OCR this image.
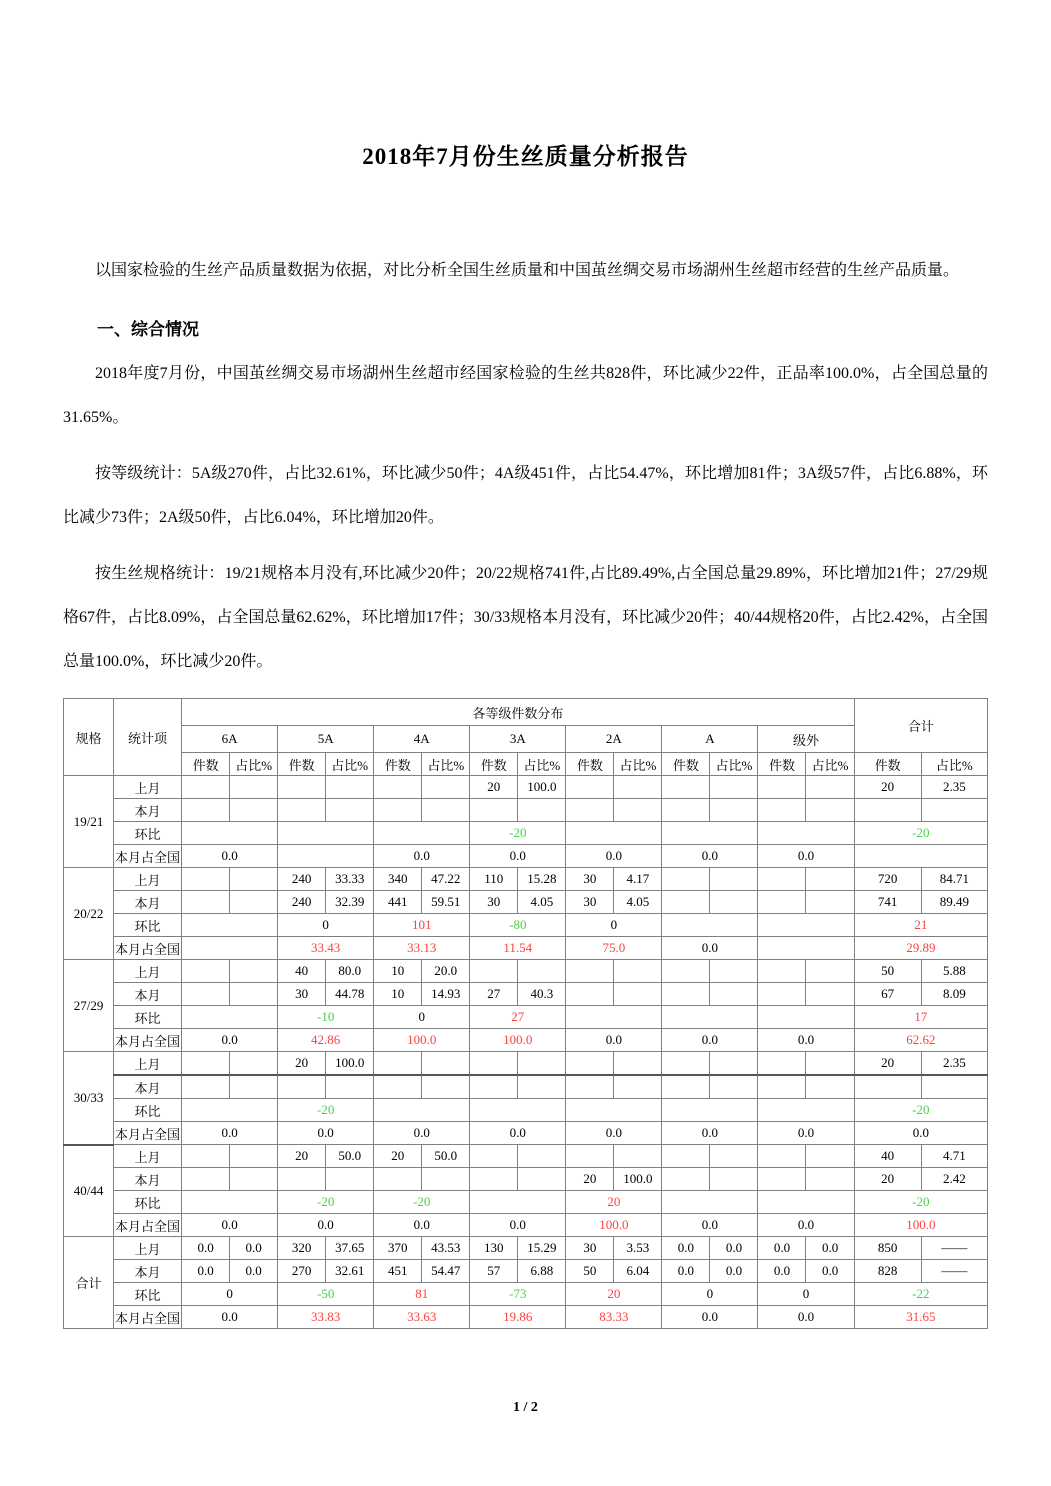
2018年7月份生丝质量分析报告

以国家检验的生丝产品质量数据为依据，对比分析全国生丝质量和中国茧丝绸交易市场湖州生丝超市经营的生丝产品质量。

一、综合情况

2018年度7月份，中国茧丝绸交易市场湖州生丝超市经国家检验的生丝共828件，环比减少22件，正品率100.0%，占全国总量的31.65%。

按等级统计：5A级270件，占比32.61%，环比减少50件；4A级451件，占比54.47%，环比增加81件；3A级57件，占比6.88%，环比减少73件；2A级50件，占比6.04%，环比增加20件。

按生丝规格统计：19/21规格本月没有,环比减少20件；20/22规格741件,占比89.49%,占全国总量29.89%，环比增加21件；27/29规格67件，占比8.09%，占全国总量62.62%，环比增加17件；30/33规格本月没有，环比减少20件；40/44规格20件，占比2.42%，占全国总量100.0%，环比减少20件。

规格	统计项	各等级件数分布														合计	
		6A		5A		4A		3A		2A		A		级外			
		件数	占比%	件数	占比%	件数	占比%	件数	占比%	件数	占比%	件数	占比%	件数	占比%	件数	占比%
19/21	上月							20	100.0							20	2.35
	本月																
	环比							-20								-20	
	本月占全国	0.0				0.0		0.0		0.0		0.0		0.0			
20/22	上月			240	33.33	340	47.22	110	15.28	30	4.17					720	84.71
	本月			240	32.39	441	59.51	30	4.05	30	4.05					741	89.49
	环比			0		101		-80		0						21	
	本月占全国			33.43		33.13		11.54		75.0		0.0				29.89	
27/29	上月			40	80.0	10	20.0									50	5.88
	本月			30	44.78	10	14.93	27	40.3							67	8.09
	环比			-10		0		27								17	
	本月占全国	0.0		42.86		100.0		100.0		0.0		0.0		0.0		62.62	
30/33	上月			20	100.0											20	2.35
	本月																
	环比			-20												-20	
	本月占全国	0.0		0.0		0.0		0.0		0.0		0.0		0.0		0.0	
40/44	上月			20	50.0	20	50.0									40	4.71
	本月									20	100.0					20	2.42
	环比			-20		-20				20						-20	
	本月占全国	0.0		0.0		0.0		0.0		100.0		0.0		0.0		100.0	
合计	上月	0.0	0.0	320	37.65	370	43.53	130	15.29	30	3.53	0.0	0.0	0.0	0.0	850	——
	本月	0.0	0.0	270	32.61	451	54.47	57	6.88	50	6.04	0.0	0.0	0.0	0.0	828	——
	环比	0		-50		81		-73		20		0		0		-22	
	本月占全国	0.0		33.83		33.63		19.86		83.33		0.0		0.0		31.65	
1 / 2
